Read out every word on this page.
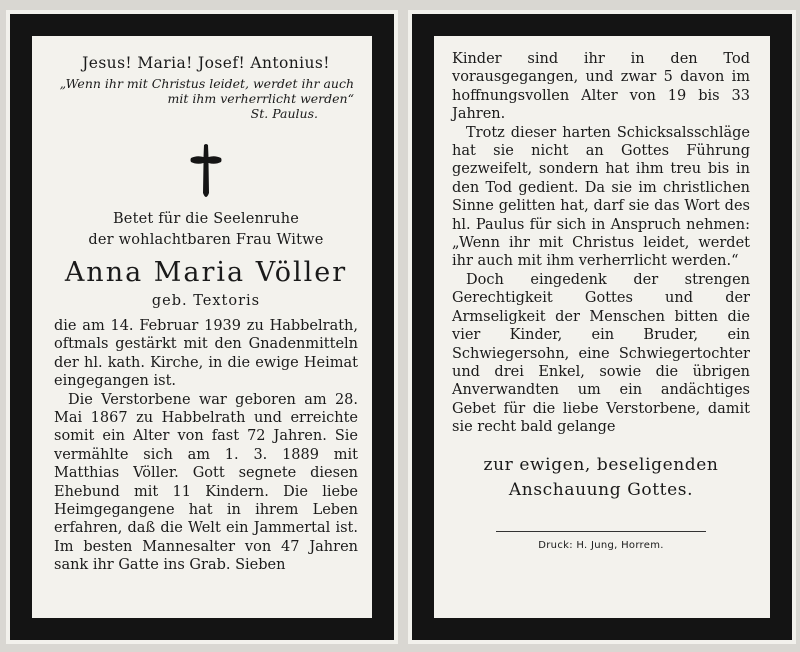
Jesus! Maria! Josef! Antonius!
„Wenn ihr mit Christus leidet, werdet ihr auch mit ihm verherrlicht werden“
St. Paulus.
Betet für die Seelenruhe
der wohlachtbaren Frau Witwe
Anna Maria Völler
geb. Textoris

die am 14. Februar 1939 zu Habbelrath, oftmals gestärkt mit den Gnadenmitteln der hl. kath. Kirche, in die ewige Heimat eingegangen ist.

Die Verstorbene war geboren am 28. Mai 1867 zu Habbelrath und erreichte somit ein Alter von fast 72 Jahren. Sie vermählte sich am 1. 3. 1889 mit Matthias Völler. Gott segnete diesen Ehebund mit 11 Kindern. Die liebe Heimgegangene hat in ihrem Leben erfahren, daß die Welt ein Jammertal ist. Im besten Mannesalter von 47 Jahren sank ihr Gatte ins Grab. Sieben

Kinder sind ihr in den Tod vorausgegangen, und zwar 5 davon im hoffnungsvollen Alter von 19 bis 33 Jahren.

Trotz dieser harten Schicksalsschläge hat sie nicht an Gottes Führung gezweifelt, sondern hat ihm treu bis in den Tod gedient. Da sie im christlichen Sinne gelitten hat, darf sie das Wort des hl. Paulus für sich in Anspruch nehmen: „Wenn ihr mit Christus leidet, werdet ihr auch mit ihm verherrlicht werden.“

Doch eingedenk der strengen Gerechtigkeit Gottes und der Armseligkeit der Menschen bitten die vier Kinder, ein Bruder, ein Schwiegersohn, eine Schwiegertochter und drei Enkel, sowie die übrigen Anverwandten um ein andächtiges Gebet für die liebe Verstorbene, damit sie recht bald gelange

zur ewigen, beseligenden
Anschauung Gottes.
Druck: H. Jung, Horrem.
